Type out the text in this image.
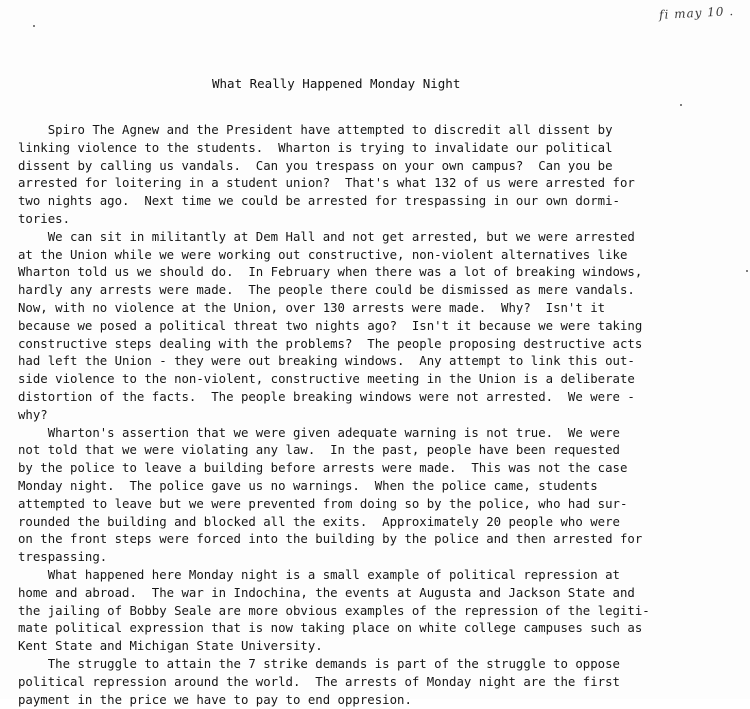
fi may 10 .
What Really Happened Monday Night
Spiro The Agnew and the President have attempted to discredit all dissent by
linking violence to the students.  Wharton is trying to invalidate our political
dissent by calling us vandals.  Can you trespass on your own campus?  Can you be
arrested for loitering in a student union?  That's what 132 of us were arrested for
two nights ago.  Next time we could be arrested for trespassing in our own dormi-
tories.
We can sit in militantly at Dem Hall and not get arrested, but we were arrested
at the Union while we were working out constructive, non-violent alternatives like
Wharton told us we should do.  In February when there was a lot of breaking windows,
hardly any arrests were made.  The people there could be dismissed as mere vandals.
Now, with no violence at the Union, over 130 arrests were made.  Why?  Isn't it
because we posed a political threat two nights ago?  Isn't it because we were taking
constructive steps dealing with the problems?  The people proposing destructive acts
had left the Union - they were out breaking windows.  Any attempt to link this out-
side violence to the non-violent, constructive meeting in the Union is a deliberate
distortion of the facts.  The people breaking windows were not arrested.  We were -
why?
Wharton's assertion that we were given adequate warning is not true.  We were
not told that we were violating any law.  In the past, people have been requested
by the police to leave a building before arrests were made.  This was not the case
Monday night.  The police gave us no warnings.  When the police came, students
attempted to leave but we were prevented from doing so by the police, who had sur-
rounded the building and blocked all the exits.  Approximately 20 people who were
on the front steps were forced into the building by the police and then arrested for
trespassing.
What happened here Monday night is a small example of political repression at
home and abroad.  The war in Indochina, the events at Augusta and Jackson State and
the jailing of Bobby Seale are more obvious examples of the repression of the legiti-
mate political expression that is now taking place on white college campuses such as
Kent State and Michigan State University.
The struggle to attain the 7 strike demands is part of the struggle to oppose
political repression around the world.  The arrests of Monday night are the first
payment in the price we have to pay to end oppresion.
